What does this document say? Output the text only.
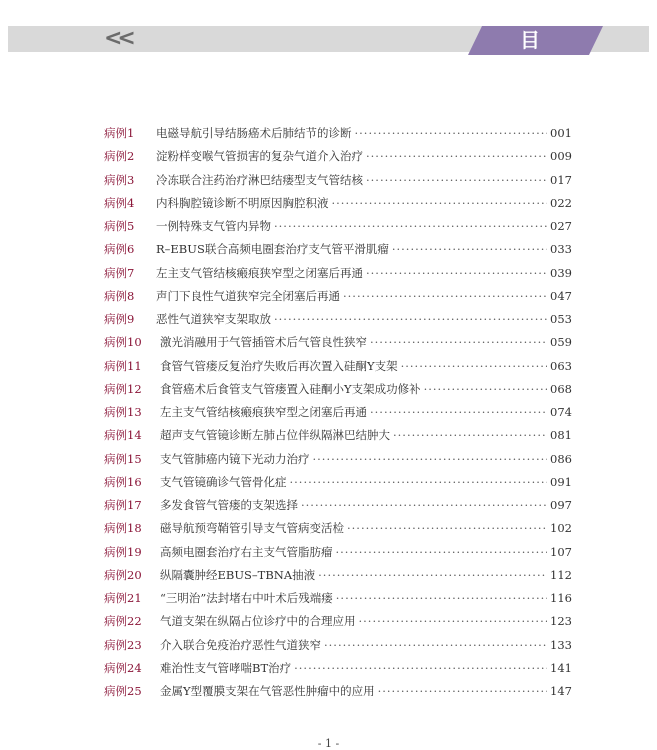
<<	目 录
病例1	电磁导航引导结肠癌术后肺结节的诊断 ·····	001
病例2	淀粉样变喉气管损害的复杂气道介入治疗 ·····	009
病例3	冷冻联合注药治疗淋巴结瘘型支气管结核 ·····	017
病例4	内科胸腔镜诊断不明原因胸腔积液 ·····	022
病例5	一例特殊支气管内异物 ·····	027
病例6	R–EBUS联合高频电圈套治疗支气管平滑肌瘤 ·····	033
病例7	左主支气管结核瘢痕狭窄型之闭塞后再通 ·····	039
病例8	声门下良性气道狭窄完全闭塞后再通 ·····	047
病例9	恶性气道狭窄支架取放 ·····	053
病例10	激光消融用于气管插管术后气管良性狭窄 ·····	059
病例11	食管气管瘘反复治疗失败后再次置入硅酮Y支架 ·····	063
病例12	食管癌术后食管支气管瘘置入硅酮小Y支架成功修补 ·····	068
病例13	左主支气管结核瘢痕狭窄型之闭塞后再通 ·····	074
病例14	超声支气管镜诊断左肺占位伴纵隔淋巴结肿大 ·····	081
病例15	支气管肺癌内镜下光动力治疗 ·····	086
病例16	支气管镜确诊气管骨化症 ·····	091
病例17	多发食管气管瘘的支架选择 ·····	097
病例18	磁导航预弯鞘管引导支气管病变活检 ·····	102
病例19	高频电圈套治疗右主支气管脂肪瘤 ·····	107
病例20	纵隔囊肿经EBUS–TBNA抽液 ·····	112
病例21	“三明治”法封堵右中叶术后残端瘘 ·····	116
病例22	气道支架在纵隔占位诊疗中的合理应用 ·····	123
病例23	介入联合免疫治疗恶性气道狭窄 ·····	133
病例24	难治性支气管哮喘BT治疗 ·····	141
病例25	金属Y型覆膜支架在气管恶性肿瘤中的应用 ·····	147
- 1 -
